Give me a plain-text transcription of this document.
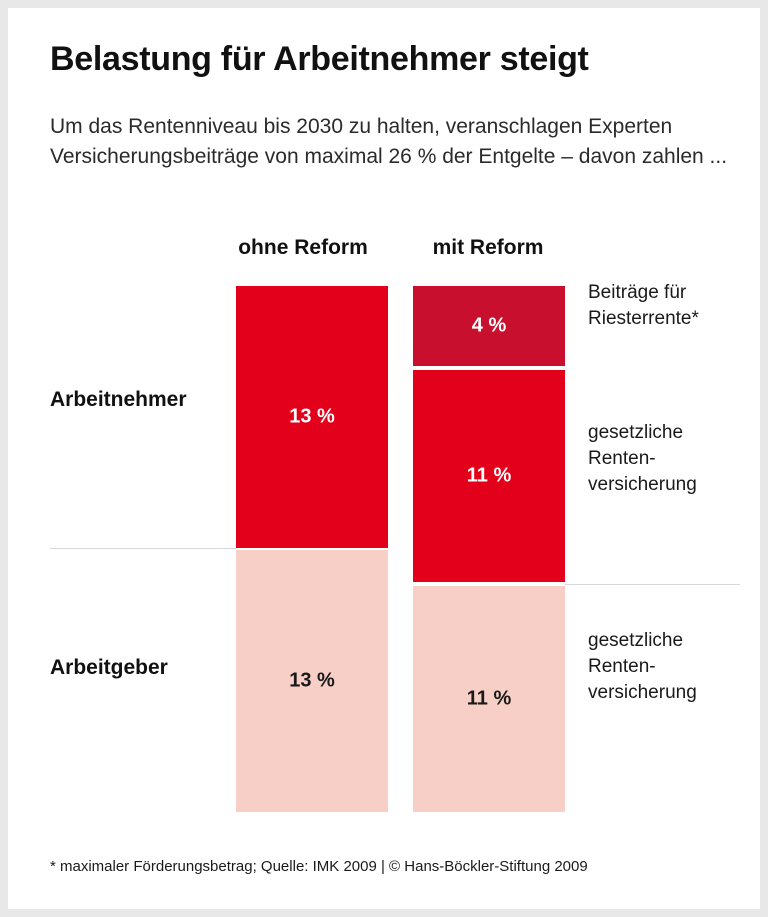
Belastung für Arbeitnehmer steigt
Um das Rentenniveau bis 2030 zu halten, veranschlagen Experten Versicherungsbeiträge von maximal 26 % der Entgelte – davon zahlen ...
ohne Reform	mit Reform
Arbeitnehmer
Arbeitgeber
13 %
13 %
4 %
11 %
11 %
Beiträge für Riesterrente*
gesetzliche Renten- versicherung
gesetzliche Renten- versicherung
* maximaler Förderungsbetrag; Quelle: IMK 2009 | © Hans-Böckler-Stiftung 2009
